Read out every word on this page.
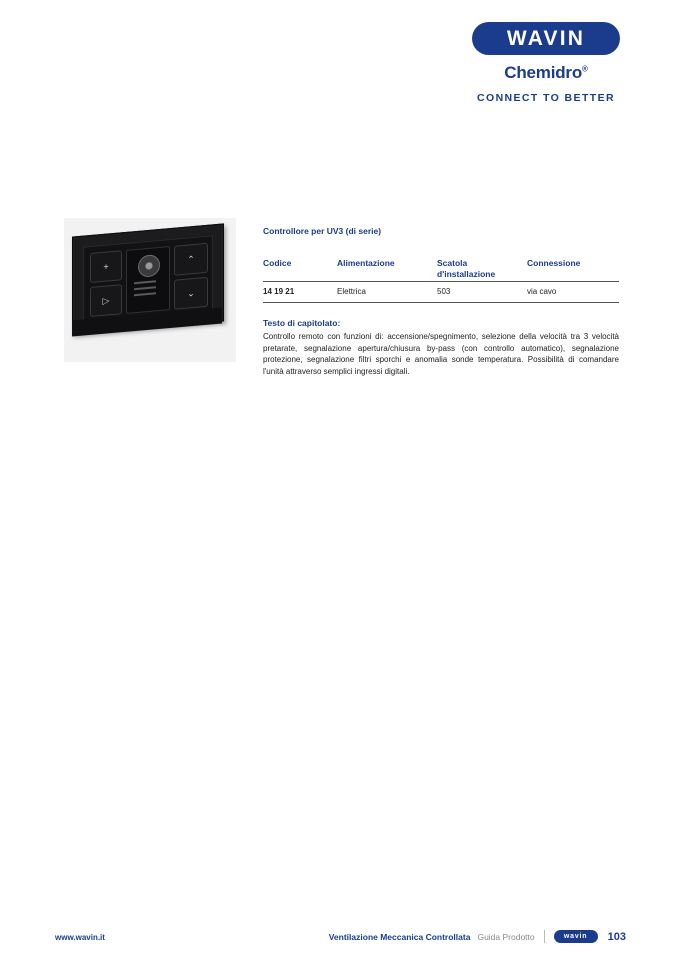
WAVIN
Chemidro®
CONNECT TO BETTER
+
▷
⌃
⌄
Controllore per UV3 (di serie)
Codice	Alimentazione	Scatola
d'installazione	Connessione
14 19 21	Elettrica	503	via cavo
Testo di capitolato:
Controllo remoto con funzioni di: accensione/spegnimento, selezione della velocità tra 3 velocità pretarate, segnalazione apertura/chiusura by-pass (con controllo automatico), segnalazione protezione, segnalazione filtri sporchi e anomalia sonde temperatura. Possibilità di comandare l'unità attraverso semplici ingressi digitali.
www.wavin.it	Ventilazione Meccanica Controllata Guida Prodotto	wavin 103
